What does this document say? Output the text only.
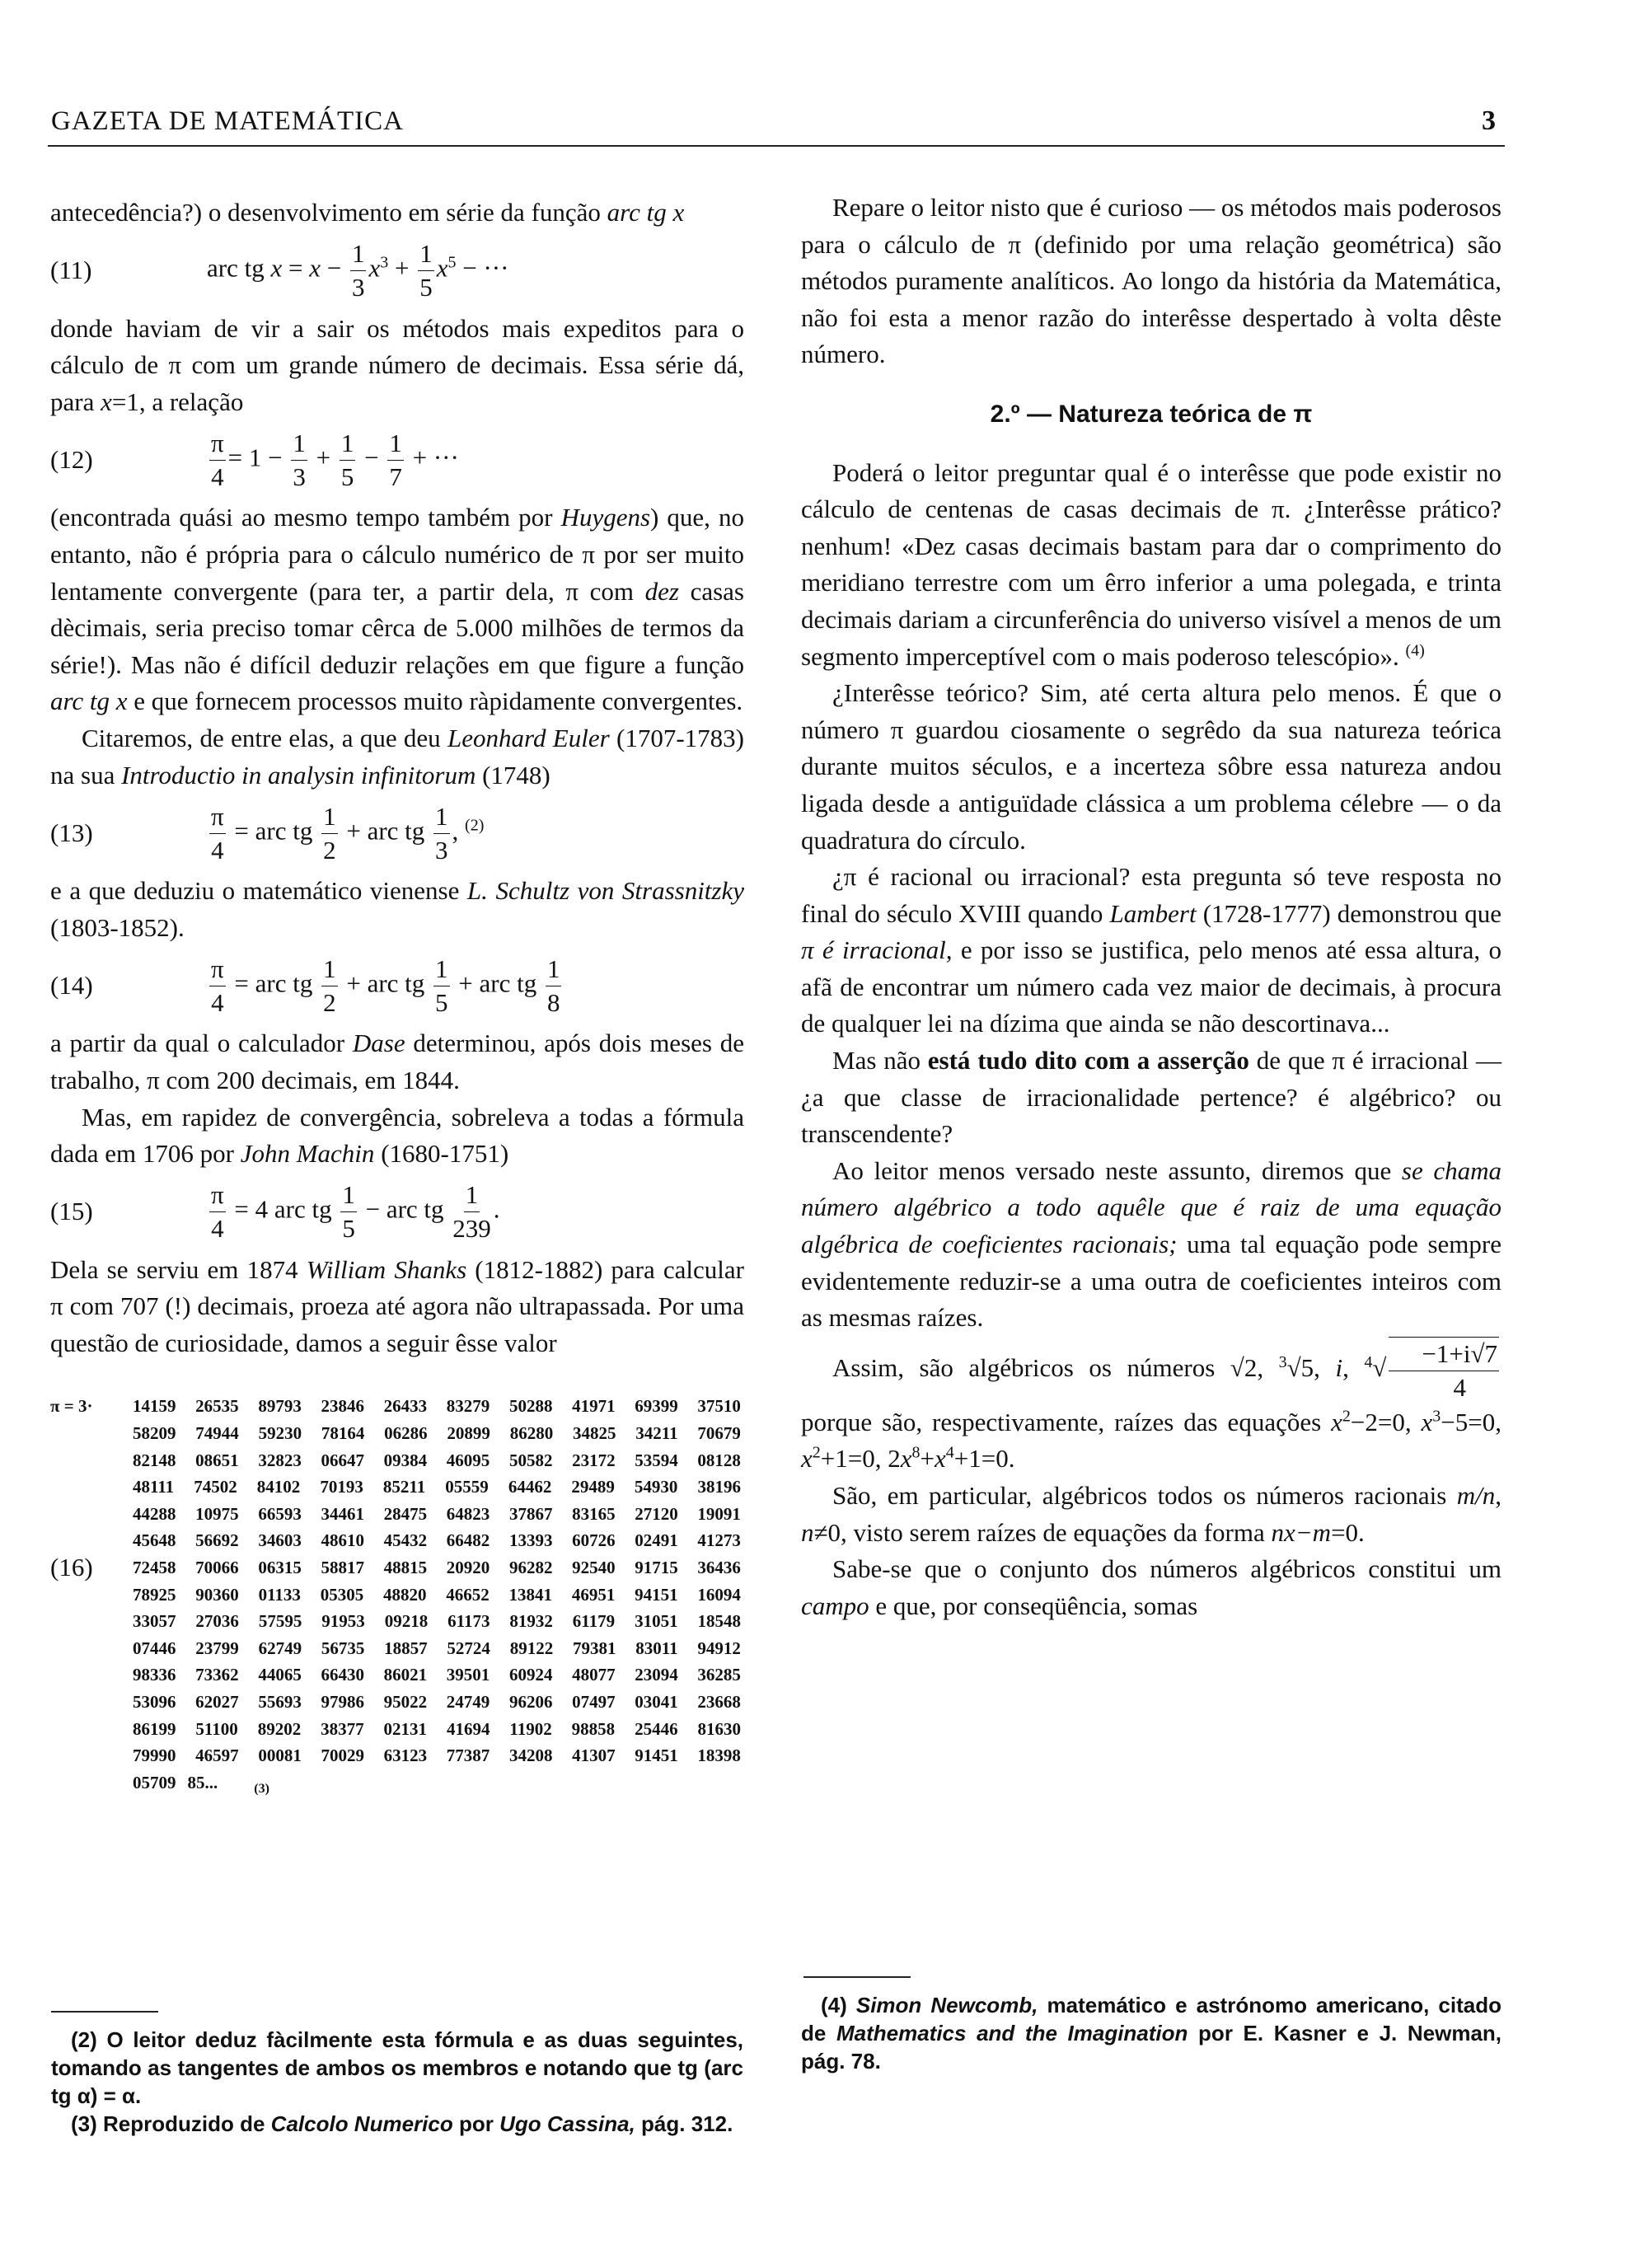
GAZETA DE MATEMÁTICA	3

antecedência?) o desenvolvimento em série da função arc tg x

(11)	arc tg $x = x - \frac{1}{3} x^3 + \frac{1}{5} x^5$ − ···

donde haviam de vir a sair os métodos mais expeditos para o cálculo de π com um grande número de decimais. Essa série dá, para x=1, a relação

(12)	$\frac{\pi}{4} = 1 - \frac{1}{3} + \frac{1}{5} - \frac{1}{7}$ + ···

(encontrada quási ao mesmo tempo também por Huygens) que, no entanto, não é própria para o cálculo numérico de π por ser muito lentamente convergente (para ter, a partir dela, π com dez casas dècimais, seria preciso tomar cêrca de 5.000 milhões de termos da série!). Mas não é difícil deduzir relações em que figure a função arc tg x e que fornecem processos muito ràpidamente convergentes.

Citaremos, de entre elas, a que deu Leonhard Euler (1707-1783) na sua Introductio in analysin infinitorum (1748)

(13)	$\frac{\pi}{4}$ = arc tg $\frac{1}{2}$ + arc tg $\frac{1}{3}$ , $^{(2)}$

e a que deduziu o matemático vienense L. Schultz von Strassnitzky (1803-1852).

(14)	$\frac{\pi}{4}$ = arc tg $\frac{1}{2}$ + arc tg $\frac{1}{5}$ + arc tg $\frac{1}{8}$

a partir da qual o calculador Dase determinou, após dois meses de trabalho, π com 200 decimais, em 1844.

Mas, em rapidez de convergência, sobreleva a todas a fórmula dada em 1706 por John Machin (1680-1751)

(15)	$\frac{\pi}{4} = 4$ arc tg $\frac{1}{5}$ − arc tg $\frac{1}{239}$ .

Dela se serviu em 1874 William Shanks (1812-1882) para calcular π com 707 (!) decimais, proeza até agora não ultrapassada. Por uma questão de curiosidade, damos a seguir êsse valor

π = 3·
(16)
14159 26535 89793 23846 26433 83279 50288 41971 69399 37510
58209 74944 59230 78164 06286 20899 86280 34825 34211 70679
82148 08651 32823 06647 09384 46095 50582 23172 53594 08128
48111 74502 84102 70193 85211 05559 64462 29489 54930 38196
44288 10975 66593 34461 28475 64823 37867 83165 27120 19091
45648 56692 34603 48610 45432 66482 13393 60726 02491 41273
72458 70066 06315 58817 48815 20920 96282 92540 91715 36436
78925 90360 01133 05305 48820 46652 13841 46951 94151 16094
33057 27036 57595 91953 09218 61173 81932 61179 31051 18548
07446 23799 62749 56735 18857 52724 89122 79381 83011 94912
98336 73362 44065 66430 86021 39501 60924 48077 23094 36285
53096 62027 55693 97986 95022 24749 96206 07497 03041 23668
86199 51100 89202 38377 02131 41694 11902 98858 25446 81630
79990 46597 00081 70029 63123 77387 34208 41307 91451 18398
05709 85...	(3)

(2) O leitor deduz fàcilmente esta fórmula e as duas seguintes, tomando as tangentes de ambos os membros e notando que tg (arc tg α) = α.

(3) Reproduzido de Calcolo Numerico por Ugo Cassina, pág. 312.

Repare o leitor nisto que é curioso — os métodos mais poderosos para o cálculo de π (definido por uma relação geométrica) são métodos puramente analíticos. Ao longo da história da Matemática, não foi esta a menor razão do interêsse despertado à volta dêste número.

2.º — Natureza teórica de π

Poderá o leitor preguntar qual é o interêsse que pode existir no cálculo de centenas de casas decimais de π. ¿Interêsse prático? nenhum! «Dez casas decimais bastam para dar o comprimento do meridiano terrestre com um êrro inferior a uma polegada, e trinta decimais dariam a circunferência do universo visível a menos de um segmento imperceptível com o mais poderoso telescópio». $^{(4)}$

¿Interêsse teórico? Sim, até certa altura pelo menos. É que o número π guardou ciosamente o segrêdo da sua natureza teórica durante muitos séculos, e a incerteza sôbre essa natureza andou ligada desde a antiguïdade clássica a um problema célebre — o da quadratura do círculo.

¿π é racional ou irracional? esta pregunta só teve resposta no final do século XVIII quando Lambert (1728-1777) demonstrou que π é irracional, e por isso se justifica, pelo menos até essa altura, o afã de encontrar um número cada vez maior de decimais, à procura de qualquer lei na dízima que ainda se não descortinava...

Mas não está tudo dito com a asserção de que π é irracional — ¿a que classe de irracionalidade pertence? é algébrico? ou transcendente?

Ao leitor menos versado neste assunto, diremos que se chama número algébrico a todo aquêle que é raiz de uma equação algébrica de coeficientes racionais; uma tal equação pode sempre evidentemente reduzir-se a uma outra de coeficientes inteiros com as mesmas raízes.

Assim, são algébricos os números √2, $^3$√5, i, $^4√ \frac{-1+i√7}{4}$
porque são, respectivamente, raízes das equações $x^2-2=0$, $x^3-5=0$, $x^2+1=0$, $2x^8+x^4+1=0$.

São, em particular, algébricos todos os números racionais m/n, n≠0, visto serem raízes de equações da forma nx−m=0.

Sabe-se que o conjunto dos números algébricos constitui um campo e que, por conseqüência, somas

(4) Simon Newcomb, matemático e astrónomo americano, citado de Mathematics and the Imagination por E. Kasner e J. Newman, pág. 78.
